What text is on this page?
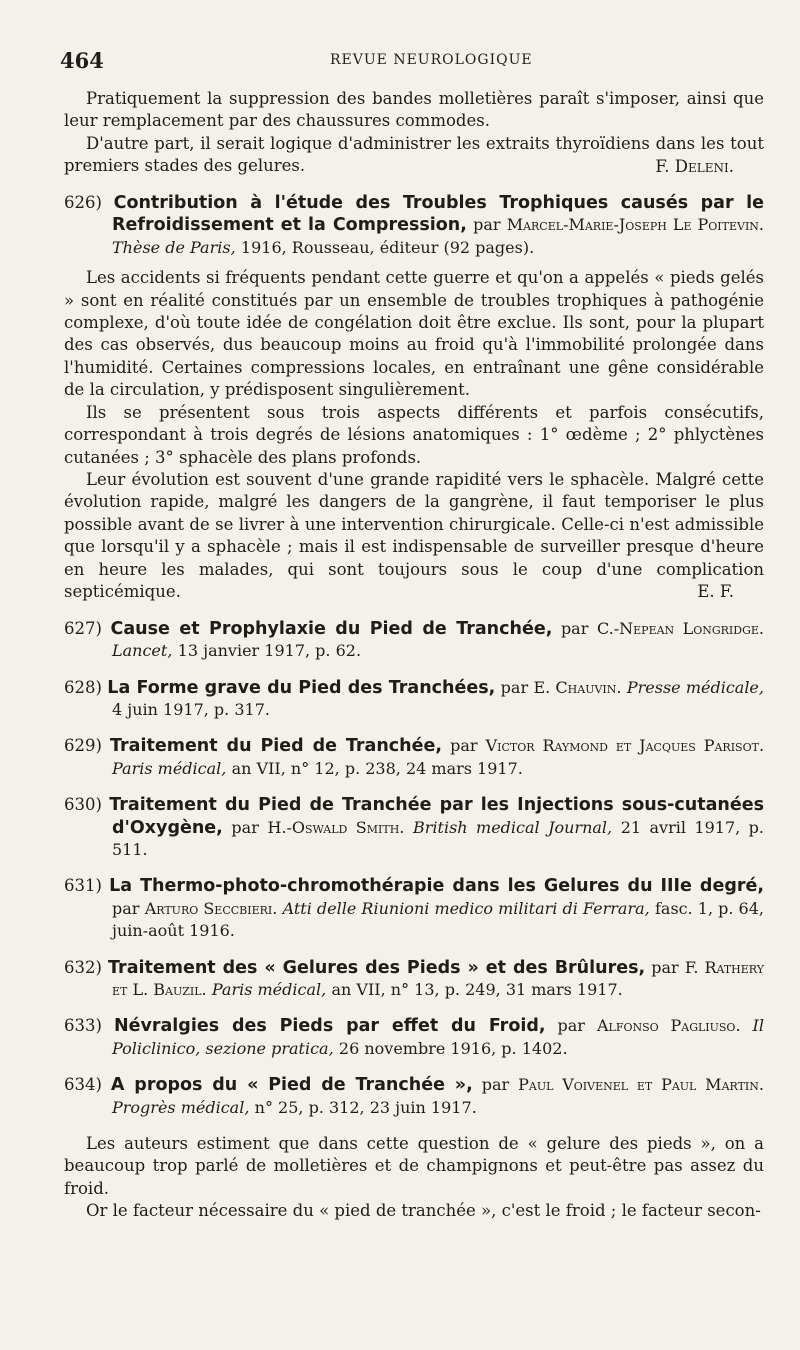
464	REVUE NEUROLOGIQUE

Pratiquement la suppression des bandes molletières paraît s'imposer, ainsi que leur remplacement par des chaussures commodes.

D'autre part, il serait logique d'administrer les extraits thyroïdiens dans les tout premiers stades des gelures.	F. Deleni.

626) Contribution à l'étude des Troubles Trophiques causés par le Refroidissement et la Compression, par Marcel-Marie-Joseph Le Poitevin. Thèse de Paris, 1916, Rousseau, éditeur (92 pages).

Les accidents si fréquents pendant cette guerre et qu'on a appelés « pieds gelés » sont en réalité constitués par un ensemble de troubles trophiques à pathogénie complexe, d'où toute idée de congélation doit être exclue. Ils sont, pour la plupart des cas observés, dus beaucoup moins au froid qu'à l'immobilité prolongée dans l'humidité. Certaines compressions locales, en entraînant une gêne considérable de la circulation, y prédisposent singulièrement.

Ils se présentent sous trois aspects différents et parfois consécutifs, correspondant à trois degrés de lésions anatomiques : 1° œdème ; 2° phlyctènes cutanées ; 3° sphacèle des plans profonds.

Leur évolution est souvent d'une grande rapidité vers le sphacèle. Malgré cette évolution rapide, malgré les dangers de la gangrène, il faut temporiser le plus possible avant de se livrer à une intervention chirurgicale. Celle-ci n'est admissible que lorsqu'il y a sphacèle ; mais il est indispensable de surveiller presque d'heure en heure les malades, qui sont toujours sous le coup d'une complication septicémique.	E. F.

627) Cause et Prophylaxie du Pied de Tranchée, par C.-Nepean Longridge. Lancet, 13 janvier 1917, p. 62.

628) La Forme grave du Pied des Tranchées, par E. Chauvin. Presse médicale, 4 juin 1917, p. 317.

629) Traitement du Pied de Tranchée, par Victor Raymond et Jacques Parisot. Paris médical, an VII, n° 12, p. 238, 24 mars 1917.

630) Traitement du Pied de Tranchée par les Injections sous-cutanées d'Oxygène, par H.-Oswald Smith. British medical Journal, 21 avril 1917, p. 511.

631) La Thermo-photo-chromothérapie dans les Gelures du IIIe degré, par Arturo Seccbieri. Atti delle Riunioni medico militari di Ferrara, fasc. 1, p. 64, juin-août 1916.

632) Traitement des « Gelures des Pieds » et des Brûlures, par F. Rathery et L. Bauzil. Paris médical, an VII, n° 13, p. 249, 31 mars 1917.

633) Névralgies des Pieds par effet du Froid, par Alfonso Pagliuso. Il Policlinico, sezione pratica, 26 novembre 1916, p. 1402.

634) A propos du « Pied de Tranchée », par Paul Voivenel et Paul Martin. Progrès médical, n° 25, p. 312, 23 juin 1917.

Les auteurs estiment que dans cette question de « gelure des pieds », on a beaucoup trop parlé de molletières et de champignons et peut-être pas assez du froid.

Or le facteur nécessaire du « pied de tranchée », c'est le froid ; le facteur secon-
